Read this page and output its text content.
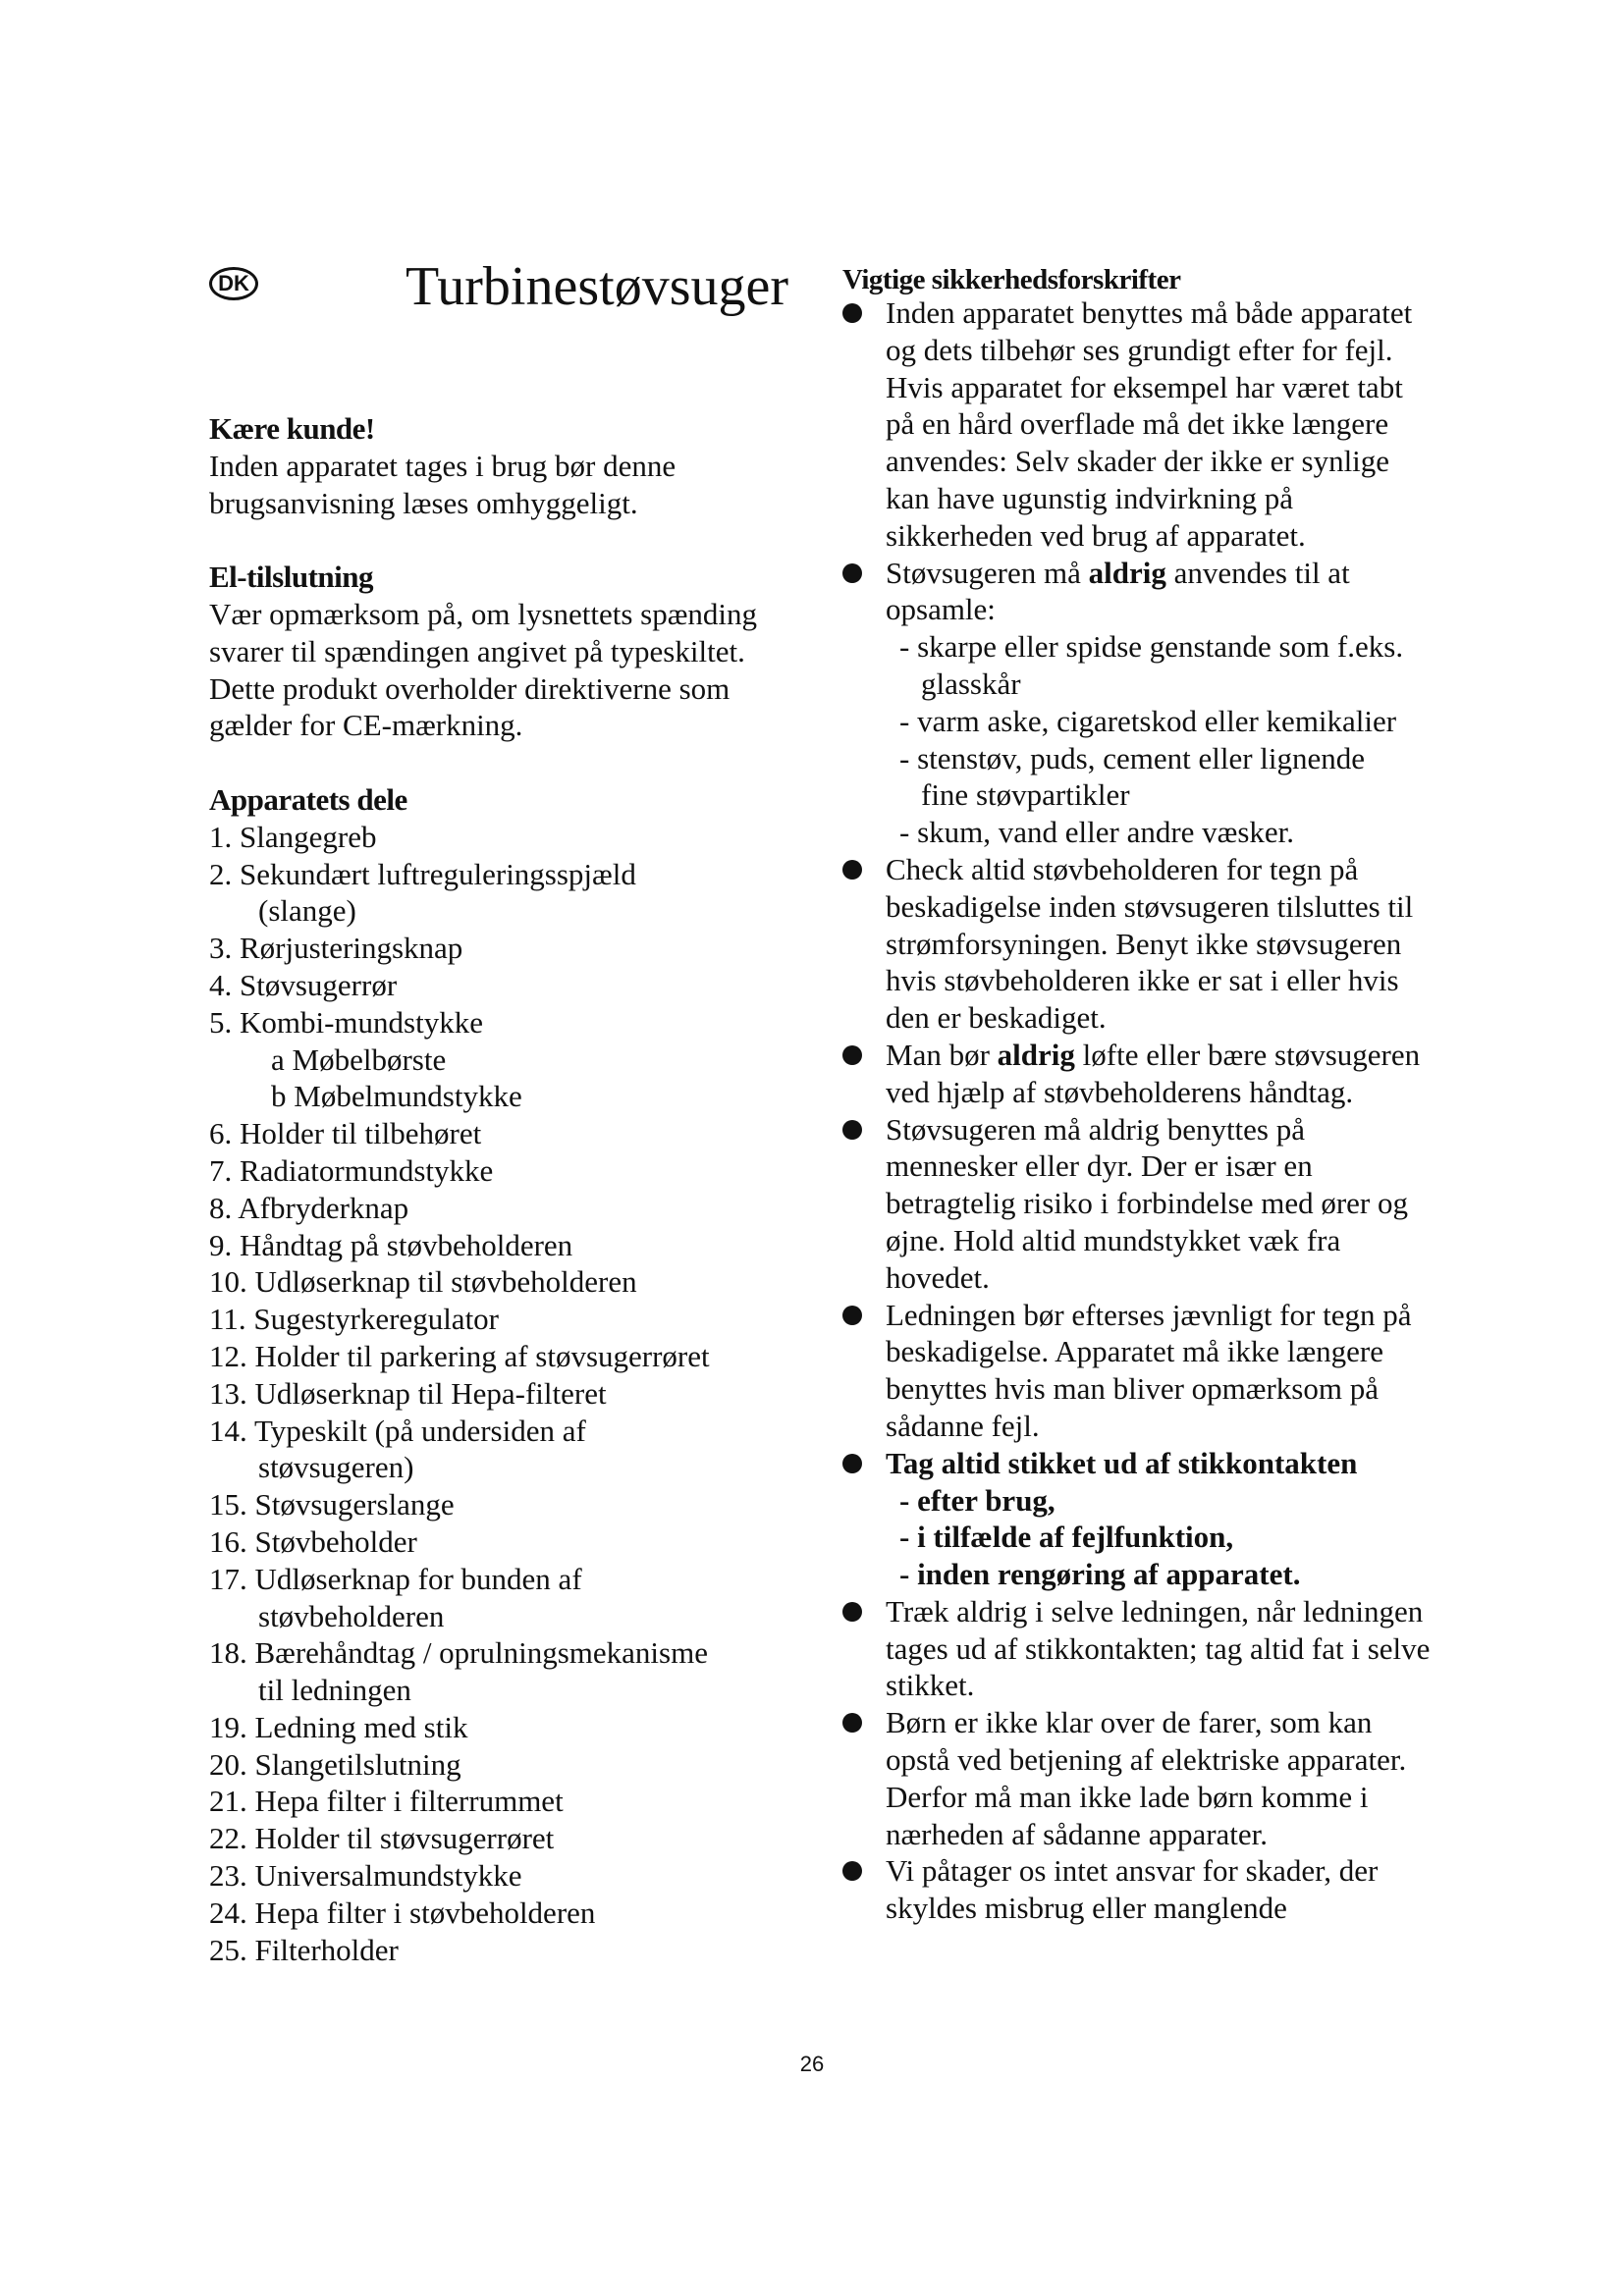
DK	Turbinestøvsuger

Kære kunde!

Inden apparatet tages i brug bør denne brugsanvisning læses omhyggeligt.

El-tilslutning

Vær opmærksom på, om lysnettets spænding svarer til spændingen angivet på typeskiltet. Dette produkt overholder direktiverne som gælder for CE-mærkning.

Apparatets dele

1. Slangegreb
2. Sekundært luftreguleringsspjæld
(slange)
3. Rørjusteringsknap
4. Støvsugerrør
5. Kombi-mundstykke
a Møbelbørste
b Møbelmundstykke
6. Holder til tilbehøret
7. Radiatormundstykke
8. Afbryderknap
9. Håndtag på støvbeholderen
10. Udløserknap til støvbeholderen
11. Sugestyrkeregulator
12. Holder til parkering af støvsugerrøret
13. Udløserknap til Hepa-filteret
14. Typeskilt (på undersiden af
støvsugeren)
15. Støvsugerslange
16. Støvbeholder
17. Udløserknap for bunden af
støvbeholderen
18. Bærehåndtag / oprulningsmekanisme
til ledningen
19. Ledning med stik
20. Slangetilslutning
21. Hepa filter i filterrummet
22. Holder til støvsugerrøret
23. Universalmundstykke
24. Hepa filter i støvbeholderen
25. Filterholder

Vigtige sikkerhedsforskrifter

Inden apparatet benyttes må både apparatet og dets tilbehør ses grundigt efter for fejl. Hvis apparatet for eksempel har været tabt på en hård overflade må det ikke længere anvendes: Selv skader der ikke er synlige kan have ugunstig indvirkning på sikkerheden ved brug af apparatet.
Støvsugeren må aldrig anvendes til at opsamle:
- skarpe eller spidse genstande som f.eks.
glasskår
- varm aske, cigaretskod eller kemikalier
- stenstøv, puds, cement eller lignende
fine støvpartikler
- skum, vand eller andre væsker.
Check altid støvbeholderen for tegn på beskadigelse inden støvsugeren tilsluttes til strømforsyningen. Benyt ikke støvsugeren hvis støvbeholderen ikke er sat i eller hvis den er beskadiget.
Man bør aldrig løfte eller bære støvsugeren ved hjælp af støvbeholderens håndtag.
Støvsugeren må aldrig benyttes på mennesker eller dyr. Der er især en betragtelig risiko i forbindelse med ører og øjne. Hold altid mundstykket væk fra hovedet.
Ledningen bør efterses jævnligt for tegn på beskadigelse. Apparatet må ikke længere benyttes hvis man bliver opmærksom på sådanne fejl.
Tag altid stikket ud af stikkontakten
- efter brug,
- i tilfælde af fejlfunktion,
- inden rengøring af apparatet.
Træk aldrig i selve ledningen, når ledningen tages ud af stikkontakten; tag altid fat i selve stikket.
Børn er ikke klar over de farer, som kan opstå ved betjening af elektriske apparater. Derfor må man ikke lade børn komme i nærheden af sådanne apparater.
Vi påtager os intet ansvar for skader, der skyldes misbrug eller manglende
26
